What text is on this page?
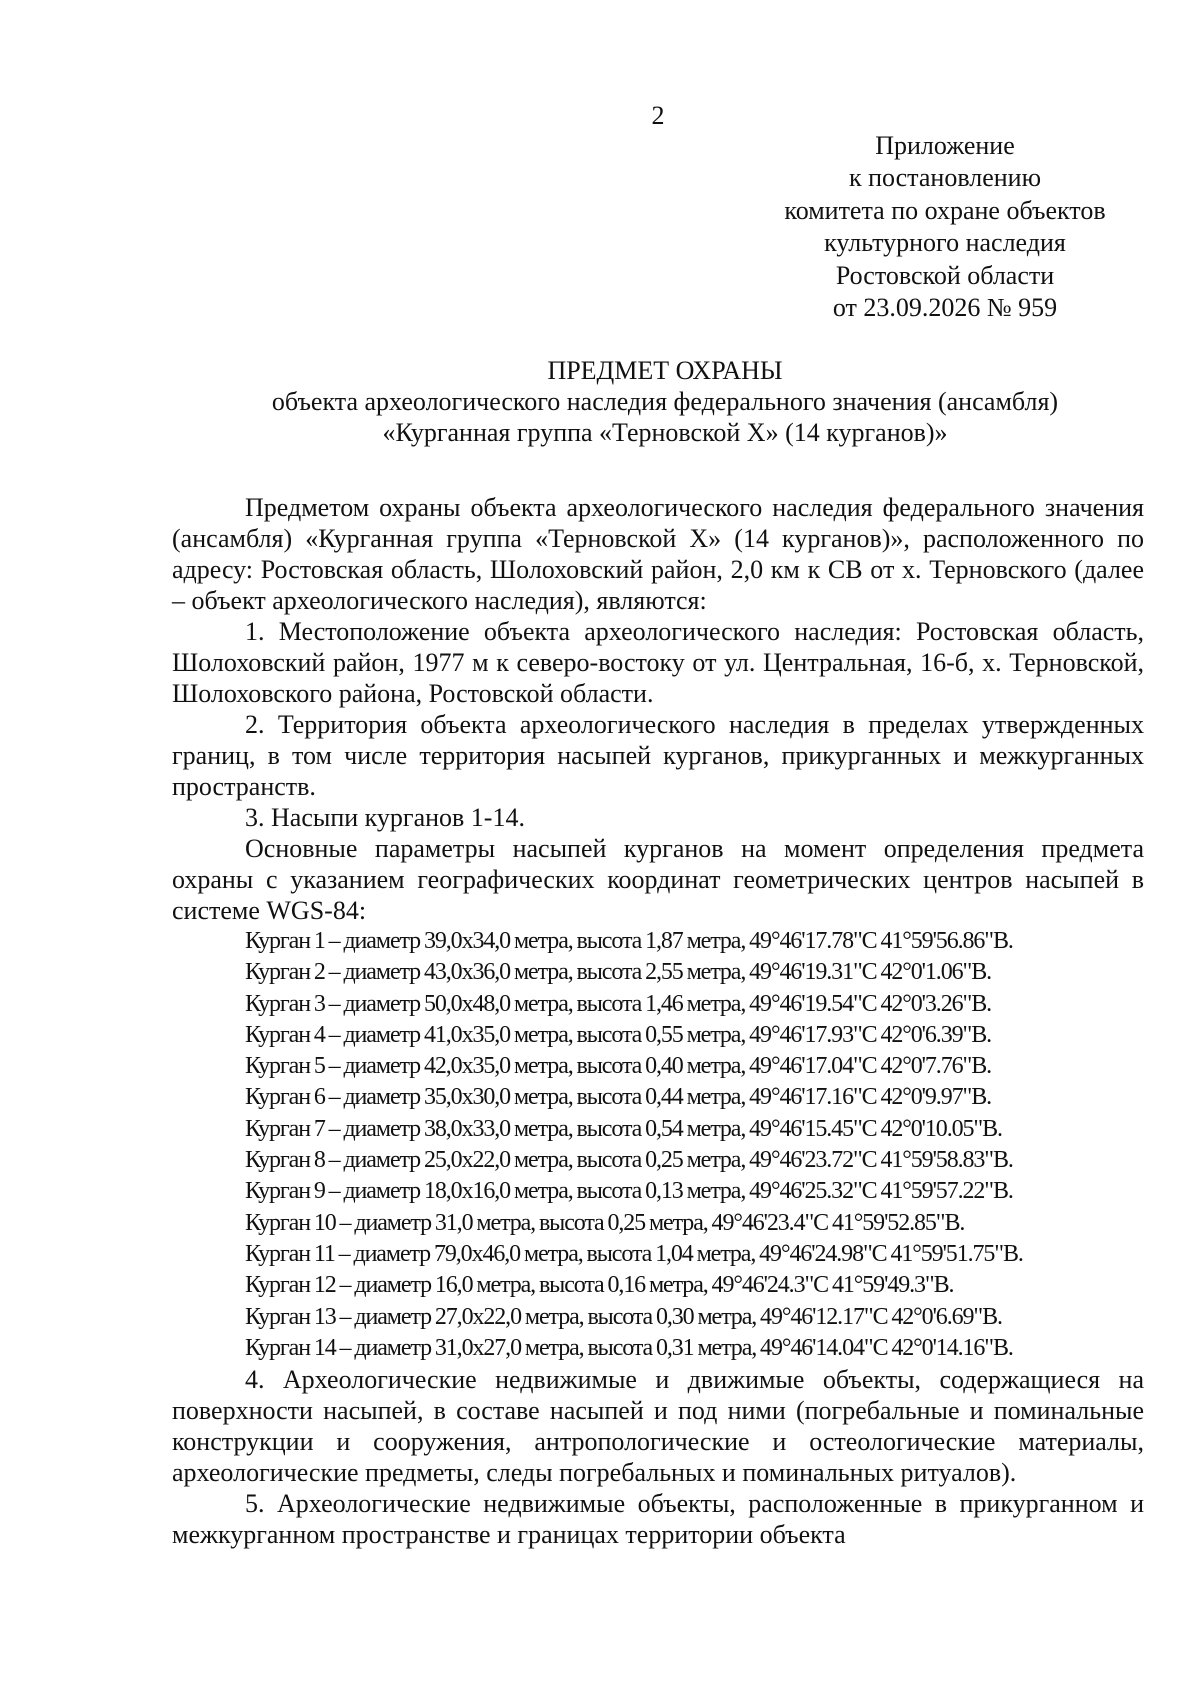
2
Приложение
к постановлению
комитета по охране объектов
культурного наследия
Ростовской области
от 23.09.2026 № 959
ПРЕДМЕТ ОХРАНЫ
объекта археологического наследия федерального значения (ансамбля)
«Курганная группа «Терновской X» (14 курганов)»

Предметом охраны объекта археологического наследия федерального значения (ансамбля) «Курганная группа «Терновской X» (14 курганов)», расположенного по адресу: Ростовская область, Шолоховский район, 2,0 км к СВ от х. Терновского (далее – объект археологического наследия), являются:

1. Местоположение объекта археологического наследия: Ростовская область, Шолоховский район, 1977 м к северо-востоку от ул. Центральная, 16-б, х. Терновской, Шолоховского района, Ростовской области.

2. Территория объекта археологического наследия в пределах утвержденных границ, в том числе территория насыпей курганов, прикурганных и межкурганных пространств.

3. Насыпи курганов 1-14.

Основные параметры насыпей курганов на момент определения предмета охраны с указанием географических координат геометрических центров насыпей в системе WGS-84:

Курган 1 – диаметр 39,0х34,0 метра, высота 1,87 метра, 49°46'17.78"С 41°59'56.86"В.
Курган 2 – диаметр 43,0х36,0 метра, высота 2,55 метра, 49°46'19.31"С 42°0'1.06"В.
Курган 3 – диаметр 50,0х48,0 метра, высота 1,46 метра, 49°46'19.54"С 42°0'3.26"В.
Курган 4 – диаметр 41,0х35,0 метра, высота 0,55 метра, 49°46'17.93"С 42°0'6.39"В.
Курган 5 – диаметр 42,0х35,0 метра, высота 0,40 метра, 49°46'17.04"С 42°0'7.76"В.
Курган 6 – диаметр 35,0х30,0 метра, высота 0,44 метра, 49°46'17.16"С 42°0'9.97"В.
Курган 7 – диаметр 38,0х33,0 метра, высота 0,54 метра, 49°46'15.45"С 42°0'10.05"В.
Курган 8 – диаметр 25,0х22,0 метра, высота 0,25 метра, 49°46'23.72"С 41°59'58.83"В.
Курган 9 – диаметр 18,0х16,0 метра, высота 0,13 метра, 49°46'25.32"С 41°59'57.22"В.
Курган 10 – диаметр 31,0 метра, высота 0,25 метра, 49°46'23.4"С 41°59'52.85"В.
Курган 11 – диаметр 79,0х46,0 метра, высота 1,04 метра, 49°46'24.98"С 41°59'51.75"В.
Курган 12 – диаметр 16,0 метра, высота 0,16 метра, 49°46'24.3"С 41°59'49.3"В.
Курган 13 – диаметр 27,0х22,0 метра, высота 0,30 метра, 49°46'12.17"С 42°0'6.69"В.
Курган 14 – диаметр 31,0х27,0 метра, высота 0,31 метра, 49°46'14.04"С 42°0'14.16"В.

4. Археологические недвижимые и движимые объекты, содержащиеся на поверхности насыпей, в составе насыпей и под ними (погребальные и поминальные конструкции и сооружения, антропологические и остеологические материалы, археологические предметы, следы погребальных и поминальных ритуалов).

5. Археологические недвижимые объекты, расположенные в прикурганном и межкурганном пространстве и границах территории объекта
